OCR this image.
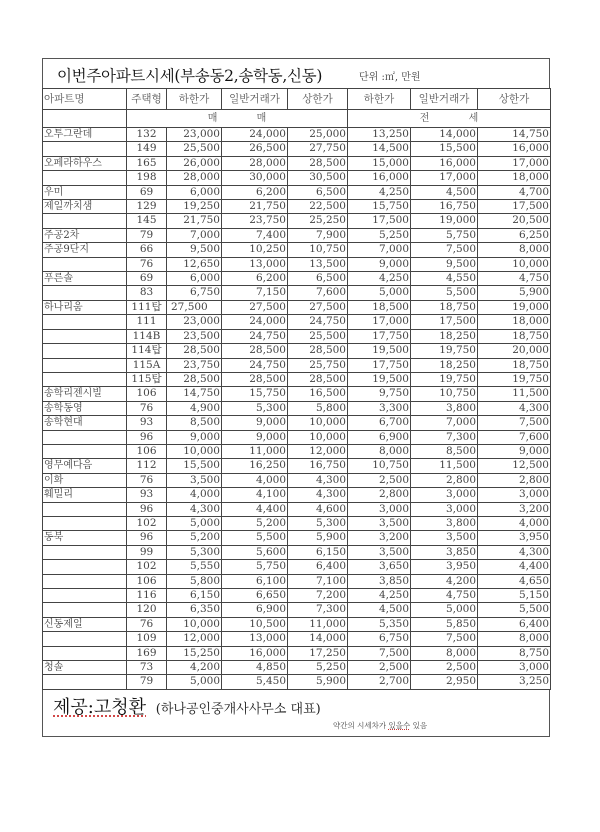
이번주아파트시세(부송동2,송학동,신동)	단위 :㎡, 만원
아파트명	주택형	하한가	일반거래가	상한가	하한가	일반거래가	상한가
	매 매				전 세		
오투그란데	132	23,000	24,000	25,000	13,250	14,000	14,750
	149	25,500	26,500	27,750	14,500	15,500	16,000
오페라하우스	165	26,000	28,000	28,500	15,000	16,000	17,000
	198	28,000	30,000	30,500	16,000	17,000	18,000
우미	69	6,000	6,200	6,500	4,250	4,500	4,700
제일까치샘	129	19,250	21,750	22,500	15,750	16,750	17,500
	145	21,750	23,750	25,250	17,500	19,000	20,500
주공2차	79	7,000	7,400	7,900	5,250	5,750	6,250
주공9단지	66	9,500	10,250	10,750	7,000	7,500	8,000
	76	12,650	13,000	13,500	9,000	9,500	10,000
푸른솔	69	6,000	6,200	6,500	4,250	4,550	4,750
	83	6,750	7,150	7,600	5,000	5,500	5,900
하나리움	111탑	27,500	27,500	27,500	18,500	18,750	19,000
	111	23,000	24,000	24,750	17,000	17,500	18,000
	114B	23,500	24,750	25,500	17,750	18,250	18,750
	114탑	28,500	28,500	28,500	19,500	19,750	20,000
	115A	23,750	24,750	25,750	17,750	18,250	18,750
	115탑	28,500	28,500	28,500	19,500	19,750	19,750
송학리젠시빌	106	14,750	15,750	16,500	9,750	10,750	11,500
송학동영	76	4,900	5,300	5,800	3,300	3,800	4,300
송학현대	93	8,500	9,000	10,000	6,700	7,000	7,500
	96	9,000	9,000	10,000	6,900	7,300	7,600
	106	10,000	11,000	12,000	8,000	8,500	9,000
영무예다음	112	15,500	16,250	16,750	10,750	11,500	12,500
이화	76	3,500	4,000	4,300	2,500	2,800	2,800
훼밀리	93	4,000	4,100	4,300	2,800	3,000	3,000
	96	4,300	4,400	4,600	3,000	3,000	3,200
	102	5,000	5,200	5,300	3,500	3,800	4,000
동북	96	5,200	5,500	5,900	3,200	3,500	3,950
	99	5,300	5,600	6,150	3,500	3,850	4,300
	102	5,550	5,750	6,400	3,650	3,950	4,400
	106	5,800	6,100	7,100	3,850	4,200	4,650
	116	6,150	6,650	7,200	4,250	4,750	5,150
	120	6,350	6,900	7,300	4,500	5,000	5,500
신동제일	76	10,000	10,500	11,000	5,350	5,850	6,400
	109	12,000	13,000	14,000	6,750	7,500	8,000
	169	15,250	16,000	17,250	7,500	8,000	8,750
청솔	73	4,200	4,850	5,250	2,500	2,500	3,000
	79	5,000	5,450	5,900	2,700	2,950	3,250
제공:고청환 (하나공인중개사사무소 대표)
약간의 시세차가 있을수 있음
